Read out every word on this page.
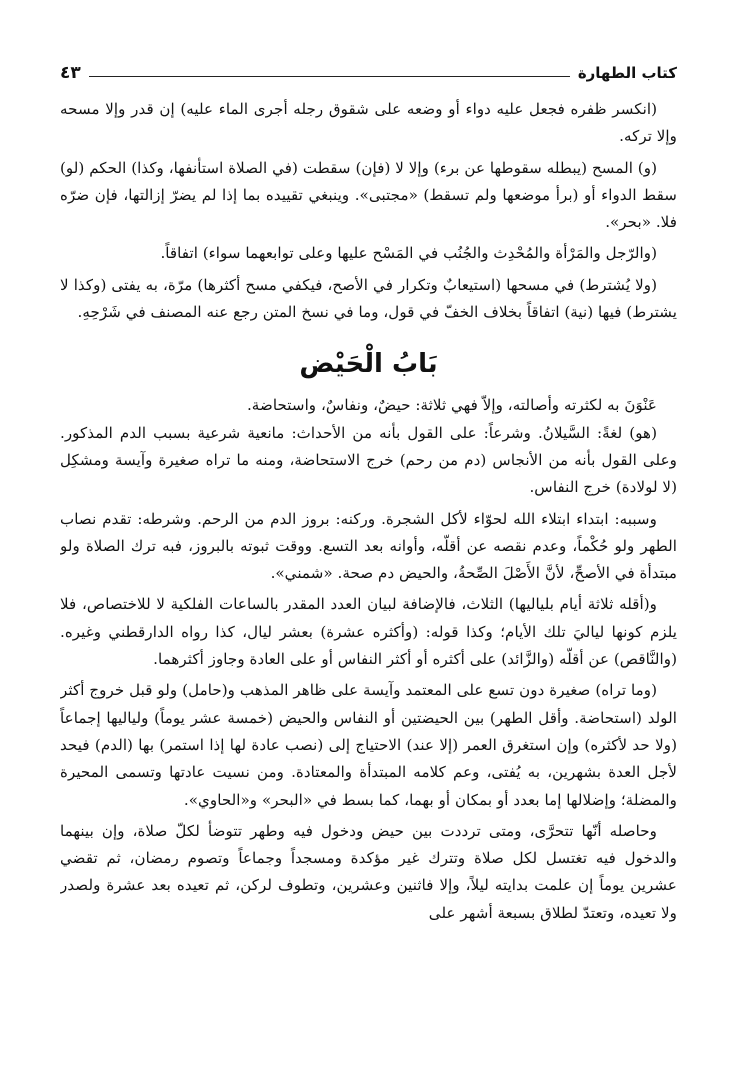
كتاب الطهارة
٤٣

(انكسر ظفره فجعل عليه دواء أو وضعه على شقوق رجله أجرى الماء عليه) إن قدر وإلا مسحه وإلا تركه.

(و) المسح (يبطله سقوطها عن برء) وإلا لا (فإن) سقطت (في الصلاة استأنفها، وكذا) الحكم (لو) سقط الدواء أو (برأ موضعها ولم تسقط) «مجتبى». وينبغي تقييده بما إذا لم يضرّ إزالتها، فإن ضرّه فلا. «بحر».

(والرّجل والمَرْأة والمُحْدِث والجُنُب في المَسْح عليها وعلى توابعهما سواء) اتفاقاً.

(ولا يُشترط) في مسحها (استيعابٌ وتكرار في الأصح، فيكفي مسح أكثرها) مرّة، به يفتى (وكذا لا يشترط) فيها (نية) اتفاقاً بخلاف الخفّ في قول، وما في نسخ المتن رجع عنه المصنف في شَرْحِهِ.

بَابُ الْحَيْض

عَنْوَنَ به لكثرته وأصالته، وإلاّ فهي ثلاثة: حيضٌ، ونفاسٌ، واستحاضة.

(هو) لغةً: السَّيلانُ. وشرعاً: على القول بأنه من الأحداث: مانعية شرعية بسبب الدم المذكور. وعلى القول بأنه من الأنجاس (دم من رحم) خرج الاستحاضة، ومنه ما تراه صغيرة وآيسة ومشكِل (لا لولادة) خرج النفاس.

وسببه: ابتداء ابتلاء الله لحوّاء لأكل الشجرة. وركنه: بروز الدم من الرحم. وشرطه: تقدم نصاب الطهر ولو حُكْماً، وعدم نقصه عن أقلّه، وأوانه بعد التسع. ووقت ثبوته بالبروز، فبه ترك الصلاة ولو مبتدأة في الأصحِّ، لأنَّ الأَصْلَ الصِّحةُ، والحيض دم صحة. «شمني».

و(أقله ثلاثة أيام بلياليها) الثلاث، فالإضافة لبيان العدد المقدر بالساعات الفلكية لا للاختصاص، فلا يلزم كونها لياليَ تلك الأيام؛ وكذا قوله: (وأكثره عشرة) بعشر ليال، كذا رواه الدارقطني وغيره. (والنَّاقص) عن أقلّه (والزَّائد) على أكثره أو أكثر النفاس أو على العادة وجاوز أكثرهما.

(وما تراه) صغيرة دون تسع على المعتمد وآيسة على ظاهر المذهب و(حامل) ولو قبل خروج أكثر الولد (استحاضة. وأقل الطهر) بين الحيضتين أو النفاس والحيض (خمسة عشر يوماً) ولياليها إجماعاً (ولا حد لأكثره) وإن استغرق العمر (إلا عند) الاحتياج إلى (نصب عادة لها إذا استمر) بها (الدم) فيحد لأجل العدة بشهرين، به يُفتى، وعم كلامه المبتدأة والمعتادة. ومن نسيت عادتها وتسمى المحيرة والمضلة؛ وإضلالها إما بعدد أو بمكان أو بهما، كما بسط في «البحر» و«الحاوي».

وحاصله أنّها تتحرَّى، ومتى ترددت بين حيض ودخول فيه وطهر تتوضأ لكلّ صلاة، وإن بينهما والدخول فيه تغتسل لكل صلاة وتترك غير مؤكدة ومسجداً وجماعاً وتصوم رمضان، ثم تقضي عشرين يوماً إن علمت بدايته ليلاً، وإلا فاثنين وعشرين، وتطوف لركن، ثم تعيده بعد عشرة ولصدر ولا تعيده، وتعتدّ لطلاق بسبعة أشهر على
